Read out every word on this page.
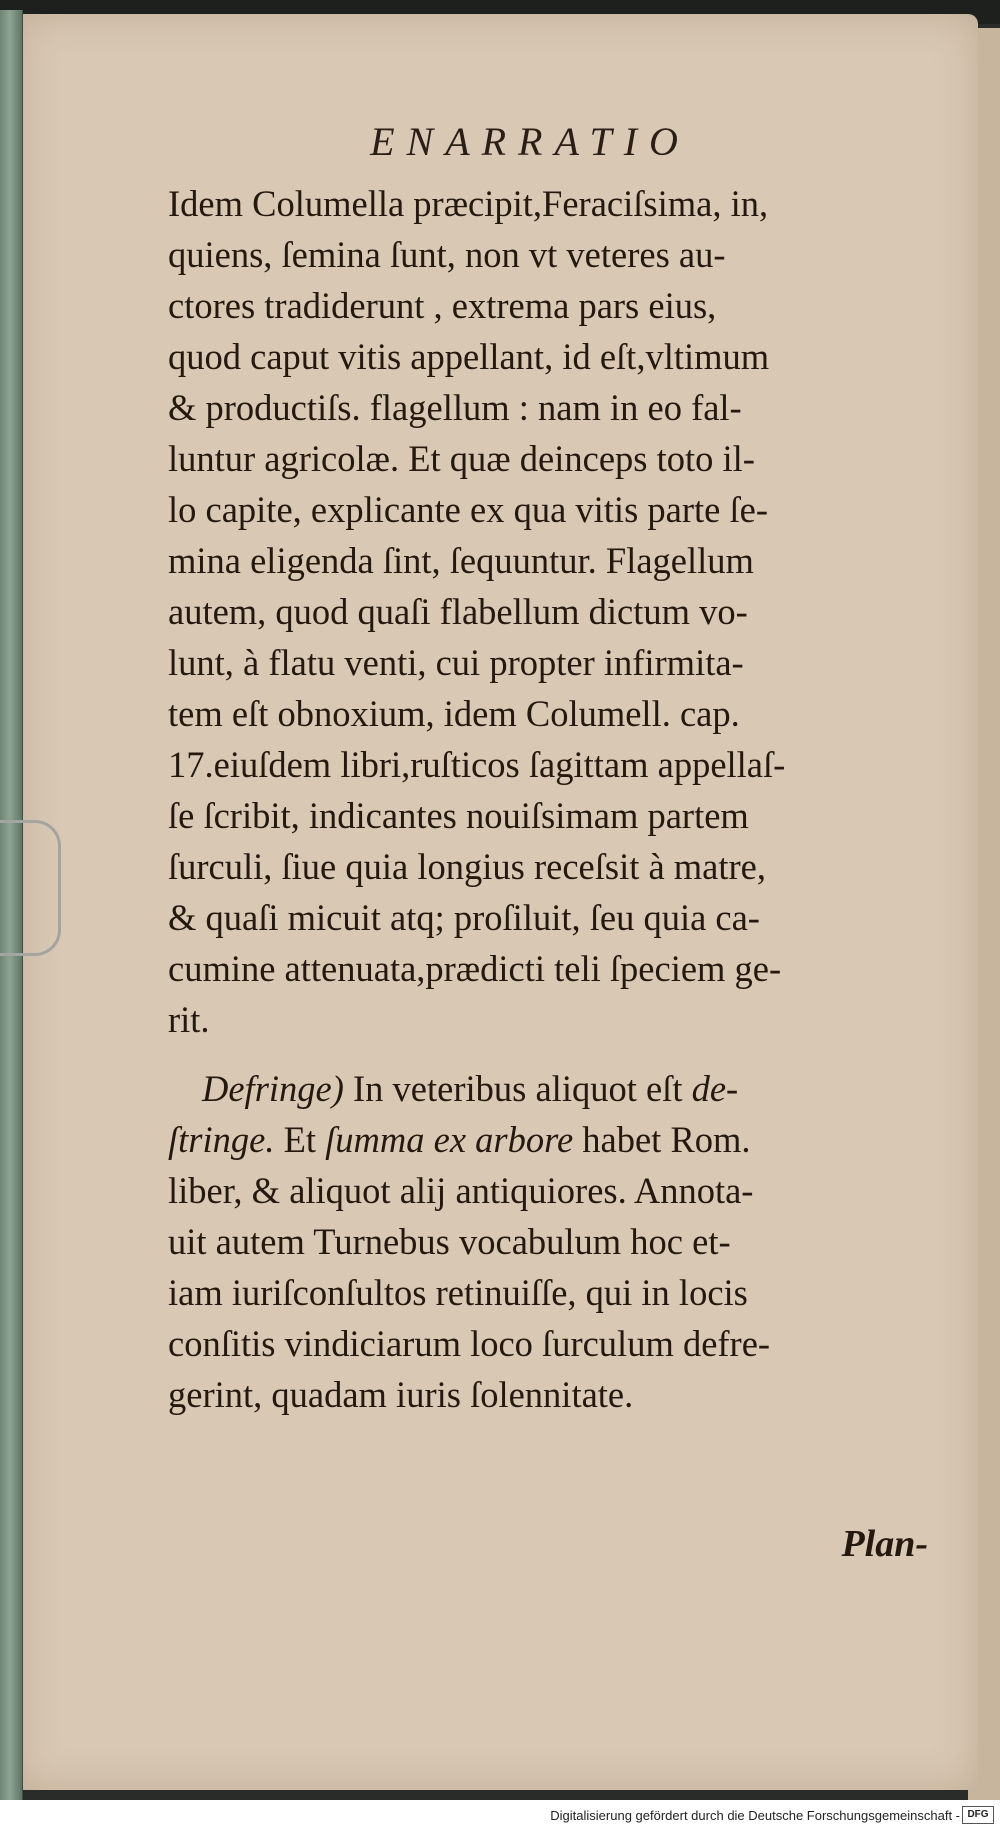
ENARRATIO
Idem Columella præcipit,Feraciſsima, in,
quiens, ſemina ſunt, non vt veteres au-
ctores tradiderunt , extrema pars eius,
quod caput vitis appellant, id eſt,vltimum
& productiſs. flagellum : nam in eo fal-
luntur agricolæ. Et quæ deinceps toto il-
lo capite, explicante ex qua vitis parte ſe-
mina eligenda ſint, ſequuntur. Flagellum
autem, quod quaſi flabellum dictum vo-
lunt, à flatu venti, cui propter infirmita-
tem eſt obnoxium, idem Columell. cap.
17.eiuſdem libri,ruſticos ſagittam appellaſ-
ſe ſcribit, indicantes nouiſsimam partem
ſurculi, ſiue quia longius receſsit à matre,
& quaſi micuit atq; proſiluit, ſeu quia ca-
cumine attenuata,prædicti teli ſpeciem ge-
rit.
Defringe) In veteribus aliquot eſt de-
ſtringe. Et ſumma ex arbore habet Rom.
liber, & aliquot alij antiquiores. Annota-
uit autem Turnebus vocabulum hoc et-
iam iuriſconſultos retinuiſſe, qui in locis
conſitis vindiciarum loco ſurculum defre-
gerint, quadam iuris ſolennitate.
Plan-
Digitalisierung gefördert durch die Deutsche Forschungsgemeinschaft - DFG
